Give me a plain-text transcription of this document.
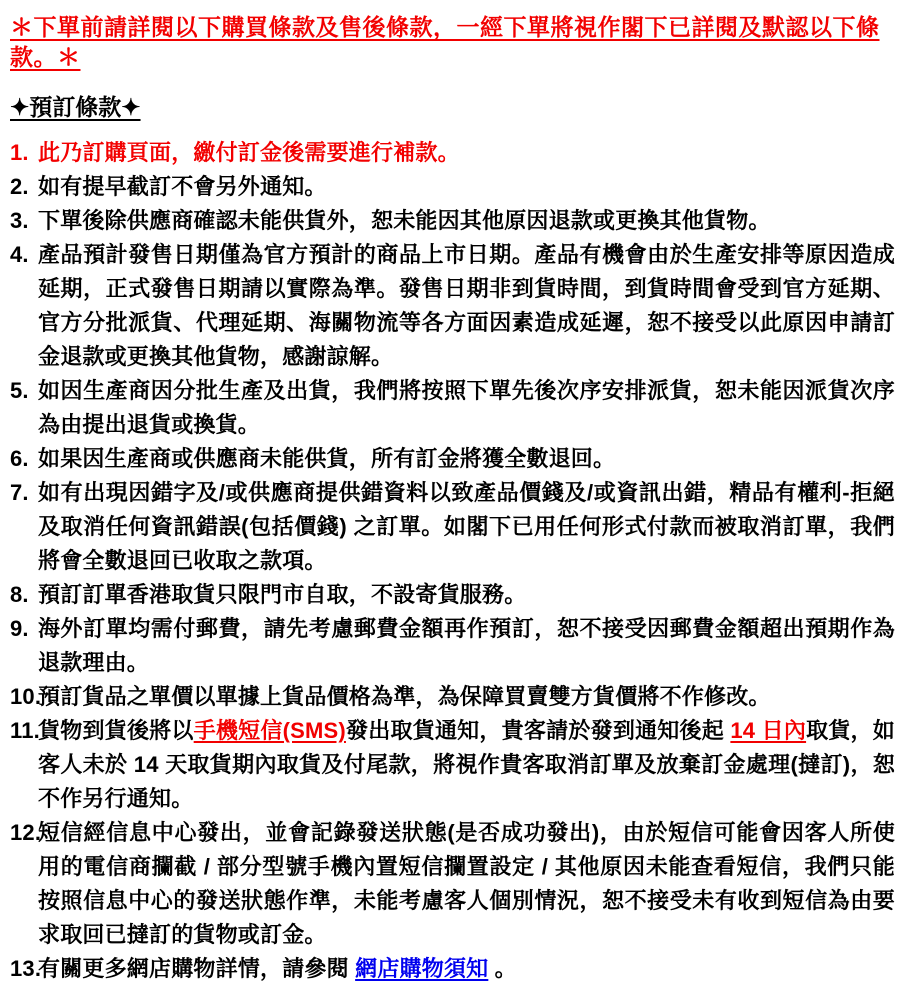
＊下單前請詳閱以下購買條款及售後條款，一經下單將視作閣下已詳閱及默認以下條款。＊
✦預訂條款✦
1. 此乃訂購頁面，繳付訂金後需要進行補款。
2. 如有提早截訂不會另外通知。
3. 下單後除供應商確認未能供貨外，恕未能因其他原因退款或更換其他貨物。
4. 產品預計發售日期僅為官方預計的商品上市日期。產品有機會由於生產安排等原因造成延期，正式發售日期請以實際為準。發售日期非到貨時間，到貨時間會受到官方延期、官方分批派貨、代理延期、海關物流等各方面因素造成延遲，恕不接受以此原因申請訂金退款或更換其他貨物，感謝諒解。
5. 如因生產商因分批生產及出貨，我們將按照下單先後次序安排派貨，恕未能因派貨次序為由提出退貨或換貨。
6. 如果因生產商或供應商未能供貨，所有訂金將獲全數退回。
7. 如有出現因錯字及/或供應商提供錯資料以致產品價錢及/或資訊出錯，精品有權利-拒絕及取消任何資訊錯誤(包括價錢) 之訂單。如閣下已用任何形式付款而被取消訂單，我們將會全數退回已收取之款項。
8. 預訂訂單香港取貨只限門市自取，不設寄貨服務。
9. 海外訂單均需付郵費，請先考慮郵費金額再作預訂，恕不接受因郵費金額超出預期作為退款理由。
10.
預訂貨品之單價以單據上貨品價格為準，為保障買賣雙方貨價將不作修改。
11.
貨物到貨後將以手機短信(SMS)發出取貨通知，貴客請於發到通知後起 14 日內取貨，如客人未於 14 天取貨期內取貨及付尾款，將視作貴客取消訂單及放棄訂金處理(撻訂)，恕不作另行通知。
12.
短信經信息中心發出，並會記錄發送狀態(是否成功發出)，由於短信可能會因客人所使用的電信商攔截 / 部分型號手機內置短信攔置設定 / 其他原因未能查看短信，我們只能按照信息中心的發送狀態作準，未能考慮客人個別情況，恕不接受未有收到短信為由要求取回已撻訂的貨物或訂金。
13.
有關更多網店購物詳情，請參閱 網店購物須知 。
